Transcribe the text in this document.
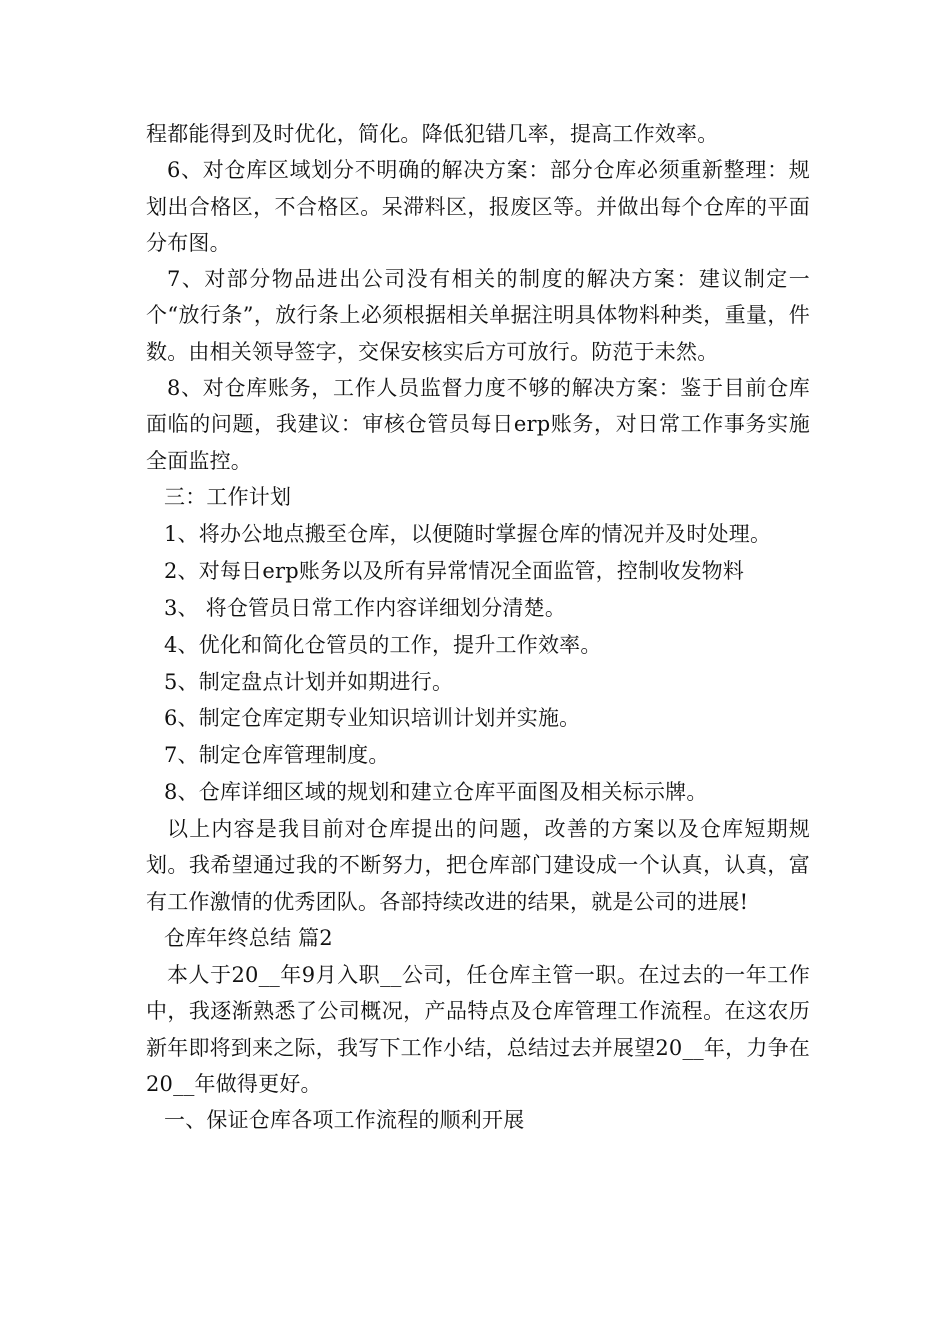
程都能得到及时优化，简化。降低犯错几率，提高工作效率。

6、对仓库区域划分不明确的解决方案：部分仓库必须重新整理：规划出合格区，不合格区。呆滞料区，报废区等。并做出每个仓库的平面分布图。

7、对部分物品进出公司没有相关的制度的解决方案：建议制定一个“放行条”，放行条上必须根据相关单据注明具体物料种类，重量，件数。由相关领导签字，交保安核实后方可放行。防范于未然。

8、对仓库账务，工作人员监督力度不够的解决方案：鉴于目前仓库面临的问题，我建议：审核仓管员每日erp账务，对日常工作事务实施全面监控。

三：工作计划

1、将办公地点搬至仓库，以便随时掌握仓库的情况并及时处理。

2、对每日erp账务以及所有异常情况全面监管，控制收发物料

3、 将仓管员日常工作内容详细划分清楚。

4、优化和简化仓管员的工作，提升工作效率。

5、制定盘点计划并如期进行。

6、制定仓库定期专业知识培训计划并实施。

7、制定仓库管理制度。

8、仓库详细区域的规划和建立仓库平面图及相关标示牌。

以上内容是我目前对仓库提出的问题，改善的方案以及仓库短期规划。我希望通过我的不断努力，把仓库部门建设成一个认真，认真，富有工作激情的优秀团队。各部持续改进的结果，就是公司的进展!

仓库年终总结 篇2

本人于20__年9月入职__公司，任仓库主管一职。在过去的一年工作中，我逐渐熟悉了公司概况，产品特点及仓库管理工作流程。在这农历新年即将到来之际，我写下工作小结，总结过去并展望20__年，力争在20__年做得更好。

一、保证仓库各项工作流程的顺利开展
